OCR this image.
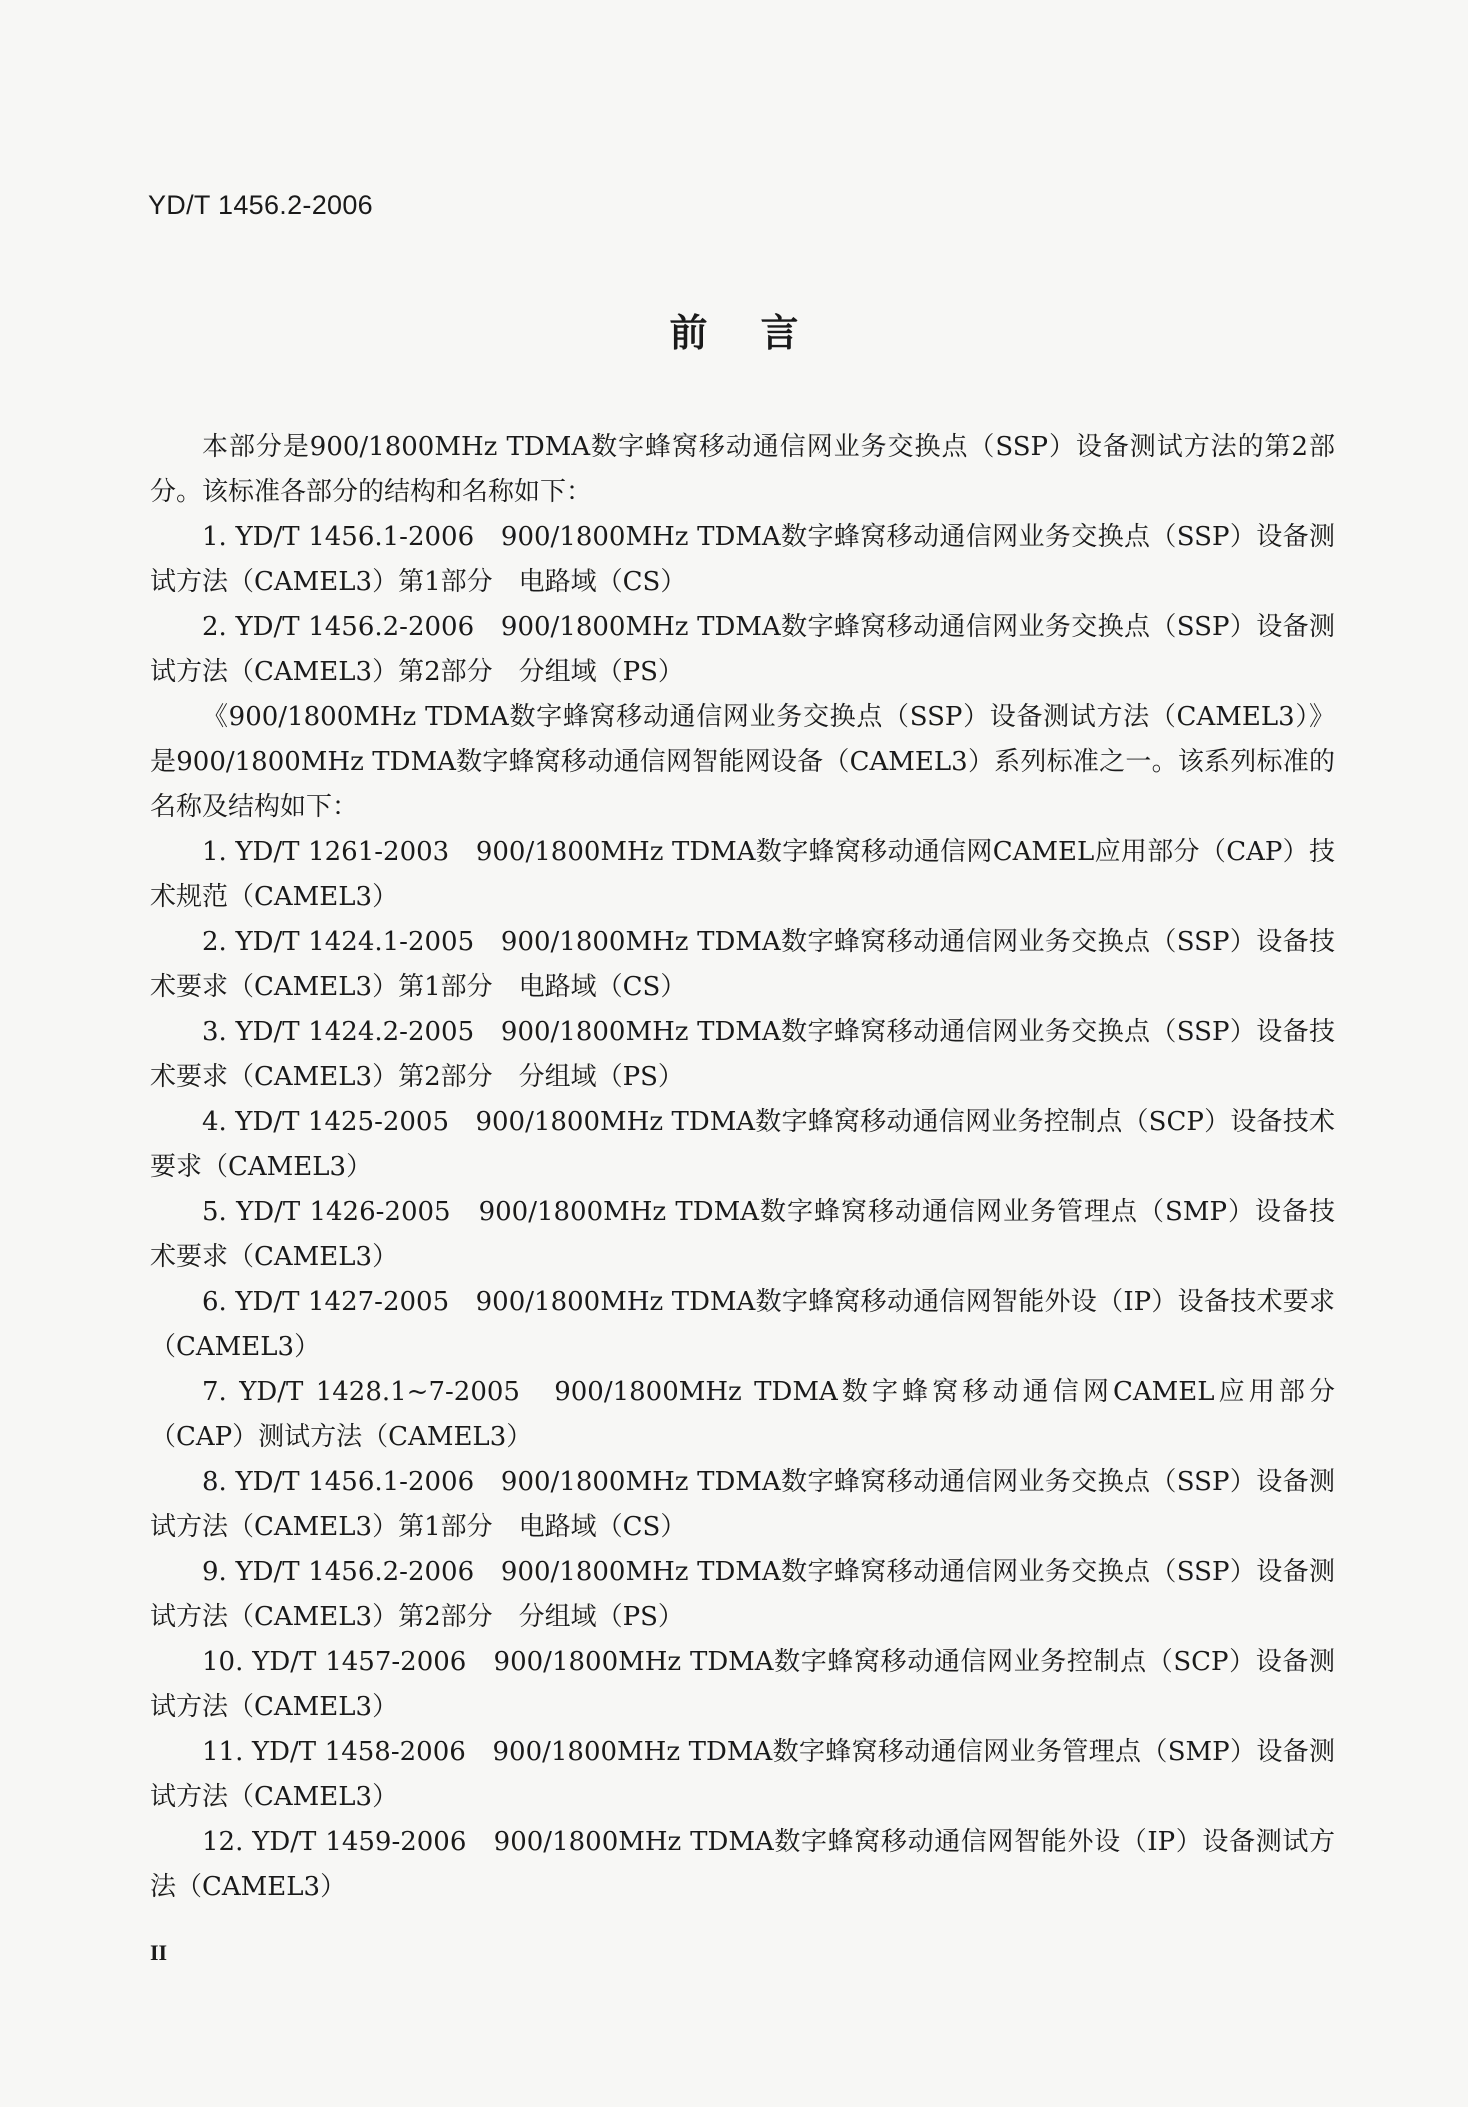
YD/T 1456.2-2006
前    言

本部分是900/1800MHz TDMA数字蜂窝移动通信网业务交换点（SSP）设备测试方法的第2部分。该标准各部分的结构和名称如下：

1. YD/T 1456.1-2006　900/1800MHz TDMA数字蜂窝移动通信网业务交换点（SSP）设备测试方法（CAMEL3）第1部分　电路域（CS）

2. YD/T 1456.2-2006　900/1800MHz TDMA数字蜂窝移动通信网业务交换点（SSP）设备测试方法（CAMEL3）第2部分　分组域（PS）

《900/1800MHz TDMA数字蜂窝移动通信网业务交换点（SSP）设备测试方法（CAMEL3）》是900/1800MHz TDMA数字蜂窝移动通信网智能网设备（CAMEL3）系列标准之一。该系列标准的名称及结构如下：

1. YD/T 1261-2003　900/1800MHz TDMA数字蜂窝移动通信网CAMEL应用部分（CAP）技术规范（CAMEL3）

2. YD/T 1424.1-2005　900/1800MHz TDMA数字蜂窝移动通信网业务交换点（SSP）设备技术要求（CAMEL3）第1部分　电路域（CS）

3. YD/T 1424.2-2005　900/1800MHz TDMA数字蜂窝移动通信网业务交换点（SSP）设备技术要求（CAMEL3）第2部分　分组域（PS）

4. YD/T 1425-2005　900/1800MHz TDMA数字蜂窝移动通信网业务控制点（SCP）设备技术要求（CAMEL3）

5. YD/T 1426-2005　900/1800MHz TDMA数字蜂窝移动通信网业务管理点（SMP）设备技术要求（CAMEL3）

6. YD/T 1427-2005　900/1800MHz TDMA数字蜂窝移动通信网智能外设（IP）设备技术要求（CAMEL3）

7. YD/T 1428.1~7-2005　900/1800MHz TDMA数字蜂窝移动通信网CAMEL应用部分（CAP）测试方法（CAMEL3）

8. YD/T 1456.1-2006　900/1800MHz TDMA数字蜂窝移动通信网业务交换点（SSP）设备测试方法（CAMEL3）第1部分　电路域（CS）

9. YD/T 1456.2-2006　900/1800MHz TDMA数字蜂窝移动通信网业务交换点（SSP）设备测试方法（CAMEL3）第2部分　分组域（PS）

10. YD/T 1457-2006　900/1800MHz TDMA数字蜂窝移动通信网业务控制点（SCP）设备测试方法（CAMEL3）

11. YD/T 1458-2006　900/1800MHz TDMA数字蜂窝移动通信网业务管理点（SMP）设备测试方法（CAMEL3）

12. YD/T 1459-2006　900/1800MHz TDMA数字蜂窝移动通信网智能外设（IP）设备测试方法（CAMEL3）

II
